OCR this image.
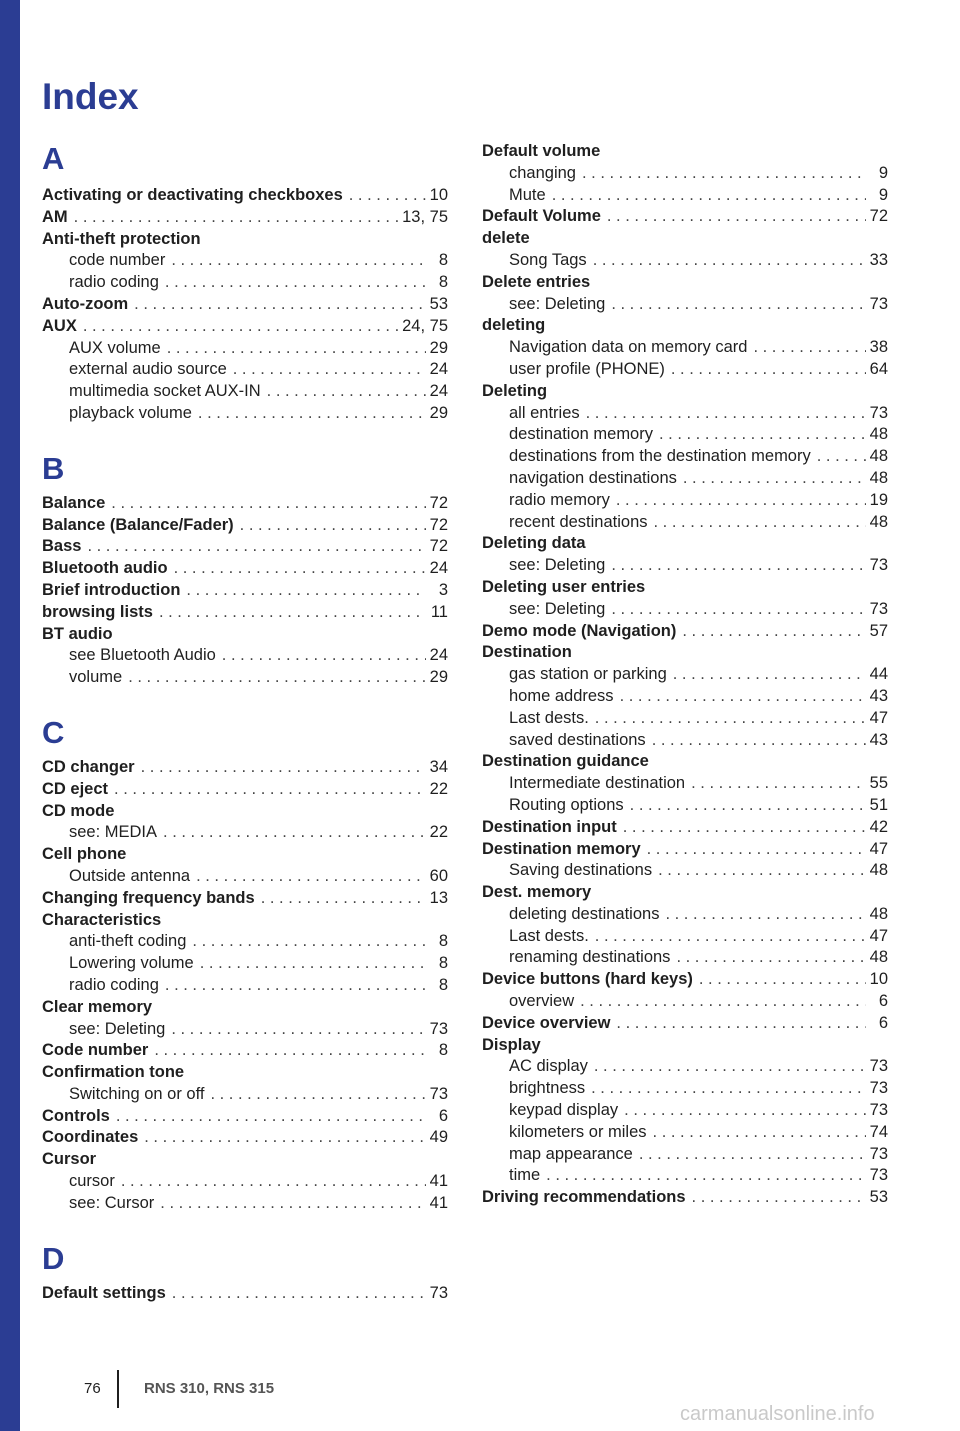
Index
A
Activating or deactivating checkboxes . . .	10
AM . . .	13, 75
Anti-theft protection
code number . . .	8
radio coding . . .	8
Auto-zoom . . .	53
AUX . . .	24, 75
AUX volume . . .	29
external audio source . . .	24
multimedia socket AUX-IN . . .	24
playback volume . . .	29
B
Balance . . .	72
Balance (Balance/Fader) . . .	72
Bass . . .	72
Bluetooth audio . . .	24
Brief introduction . . .	3
browsing lists . . .	11
BT audio
see Bluetooth Audio . . .	24
volume . . .	29
C
CD changer . . .	34
CD eject . . .	22
CD mode
see: MEDIA . . .	22
Cell phone
Outside antenna . . .	60
Changing frequency bands . . .	13
Characteristics
anti-theft coding . . .	8
Lowering volume . . .	8
radio coding . . .	8
Clear memory
see: Deleting . . .	73
Code number . . .	8
Confirmation tone
Switching on or off . . .	73
Controls . . .	6
Coordinates . . .	49
Cursor
cursor . . .	41
see: Cursor . . .	41
D
Default settings . . .	73
Default volume
changing . . .	9
Mute . . .	9
Default Volume . . .	72
delete
Song Tags . . .	33
Delete entries
see: Deleting . . .	73
deleting
Navigation data on memory card . . .	38
user profile (PHONE) . . .	64
Deleting
all entries . . .	73
destination memory . . .	48
destinations from the destination memory . . .	48
navigation destinations . . .	48
radio memory . . .	19
recent destinations . . .	48
Deleting data
see: Deleting . . .	73
Deleting user entries
see: Deleting . . .	73
Demo mode (Navigation) . . .	57
Destination
gas station or parking . . .	44
home address . . .	43
Last dests. . . .	47
saved destinations . . .	43
Destination guidance
Intermediate destination . . .	55
Routing options . . .	51
Destination input . . .	42
Destination memory . . .	47
Saving destinations . . .	48
Dest. memory
deleting destinations . . .	48
Last dests. . . .	47
renaming destinations . . .	48
Device buttons (hard keys) . . .	10
overview . . .	6
Device overview . . .	6
Display
AC display . . .	73
brightness . . .	73
keypad display . . .	73
kilometers or miles . . .	74
map appearance . . .	73
time . . .	73
Driving recommendations . . .	53
76	RNS 310, RNS 315
carmanualsonline.info
